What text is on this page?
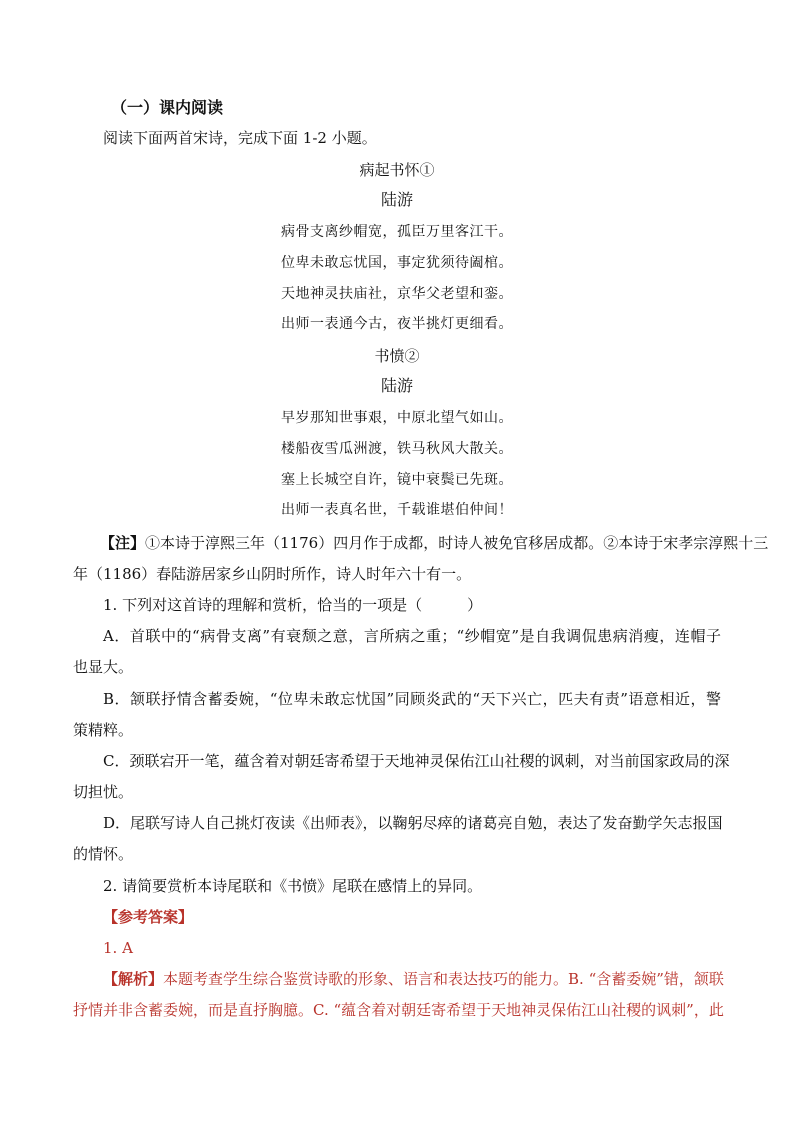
（一）课内阅读
阅读下面两首宋诗，完成下面 1-2 小题。
病起书怀①
陆游
病骨支离纱帽宽，孤臣万里客江干。
位卑未敢忘忧国，事定犹须待阖棺。
天地神灵扶庙社，京华父老望和銮。
出师一表通今古，夜半挑灯更细看。
书愤②
陆游
早岁那知世事艰，中原北望气如山。
楼船夜雪瓜洲渡，铁马秋风大散关。
塞上长城空自许，镜中衰鬓已先斑。
出师一表真名世，千载谁堪伯仲间！
【注】①本诗于淳熙三年（1176）四月作于成都，时诗人被免官移居成都。②本诗于宋孝宗淳熙十三
年（1186）春陆游居家乡山阴时所作，诗人时年六十有一。
1. 下列对这首诗的理解和赏析，恰当的一项是（　　　）
A．首联中的“病骨支离”有衰颓之意，言所病之重；“纱帽宽”是自我调侃患病消瘦，连帽子
也显大。
B．颔联抒情含蓄委婉，“位卑未敢忘忧国”同顾炎武的“天下兴亡，匹夫有责”语意相近，警
策精粹。
C．颈联宕开一笔，蕴含着对朝廷寄希望于天地神灵保佑江山社稷的讽刺，对当前国家政局的深
切担忧。
D．尾联写诗人自己挑灯夜读《出师表》，以鞠躬尽瘁的诸葛亮自勉，表达了发奋勤学矢志报国
的情怀。
2. 请简要赏析本诗尾联和《书愤》尾联在感情上的异同。
【参考答案】
1. A
【解析】本题考查学生综合鉴赏诗歌的形象、语言和表达技巧的能力。B. “含蓄委婉”错，颔联
抒情并非含蓄委婉，而是直抒胸臆。C. “蕴含着对朝廷寄希望于天地神灵保佑江山社稷的讽刺”，此
